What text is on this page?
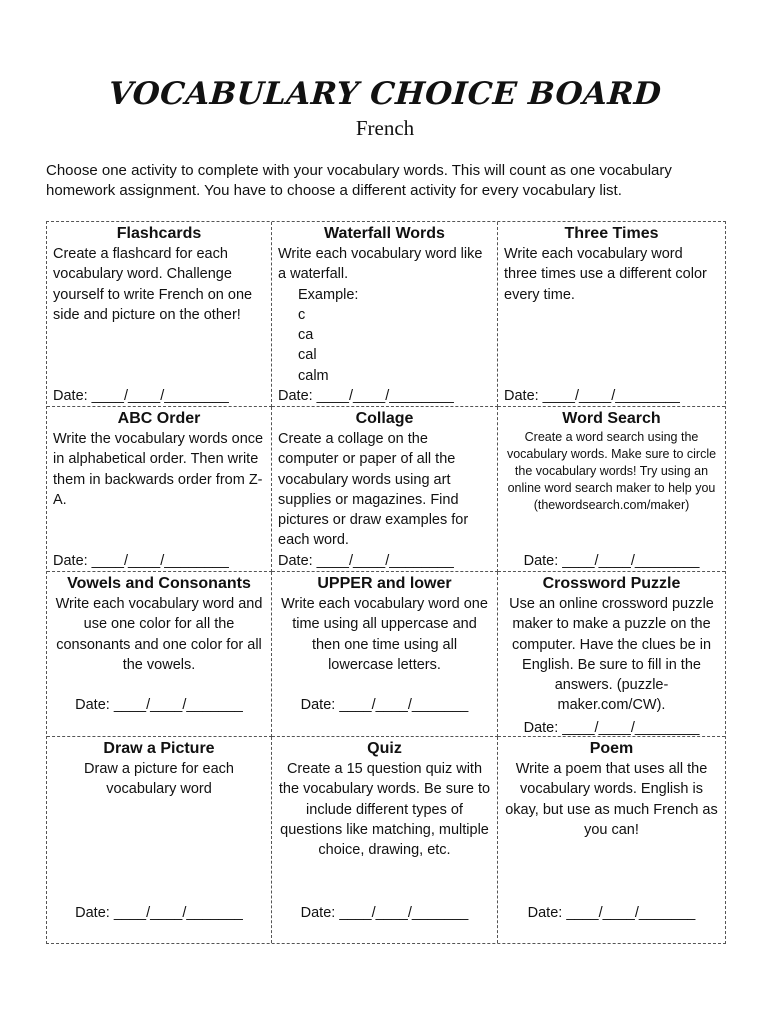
VOCABULARY CHOICE BOARD
French
Choose one activity to complete with your vocabulary words. This will count as one vocabulary homework assignment. You have to choose a different activity for every vocabulary list.
Flashcards
Create a flashcard for each vocabulary word. Challenge yourself to write French on one side and picture on the other!
Date: ____/____/________
Waterfall Words
Write each vocabulary word like a waterfall.
Example:
c
ca
cal
calm
Date: ____/____/________
Three Times
Write each vocabulary word three times use a different color every time.
Date: ____/____/________
ABC Order
Write the vocabulary words once in alphabetical order. Then write them in backwards order from Z-A.
Date: ____/____/________
Collage
Create a collage on the computer or paper of all the vocabulary words using art supplies or magazines. Find pictures or draw examples for each word.
Date: ____/____/________
Word Search
Create a word search using the vocabulary words. Make sure to circle the vocabulary words! Try using an online word search maker to help you (thewordsearch.com/maker)
Date: ____/____/________
Vowels and Consonants
Write each vocabulary word and use one color for all the consonants and one color for all the vowels.
Date: ____/____/_______
UPPER and lower
Write each vocabulary word one time using all uppercase and then one time using all lowercase letters.
Date: ____/____/_______
Crossword Puzzle
Use an online crossword puzzle maker to make a puzzle on the computer. Have the clues be in English. Be sure to fill in the answers. (puzzle-maker.com/CW).
Date: ____/____/________
Draw a Picture
Draw a picture for each vocabulary word
Date: ____/____/_______
Quiz
Create a 15 question quiz with the vocabulary words. Be sure to include different types of questions like matching, multiple choice, drawing, etc.
Date: ____/____/_______
Poem
Write a poem that uses all the vocabulary words. English is okay, but use as much French as you can!
Date: ____/____/_______
